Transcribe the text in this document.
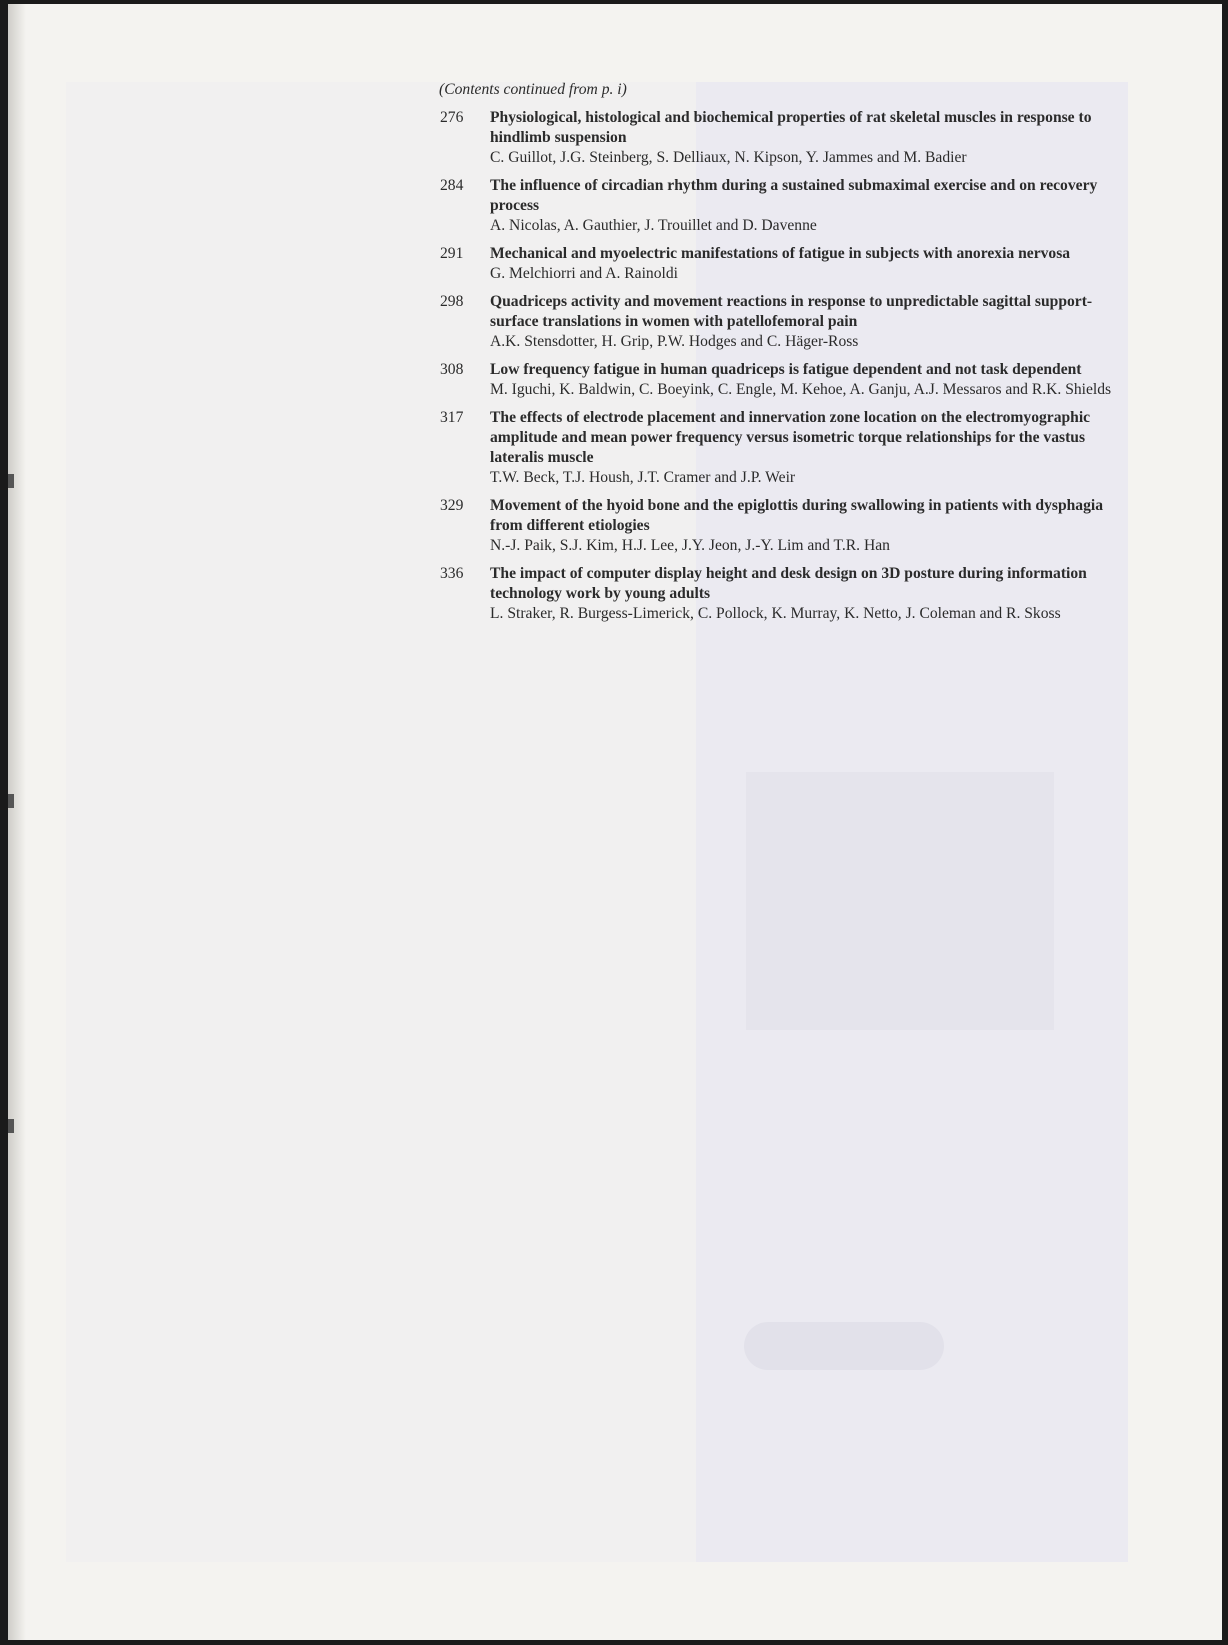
(Contents continued from p. i)
276	Physiological, histological and biochemical properties of rat skeletal muscles in response to hindlimb suspension
C. Guillot, J.G. Steinberg, S. Delliaux, N. Kipson, Y. Jammes and M. Badier
284	The influence of circadian rhythm during a sustained submaximal exercise and on recovery process
A. Nicolas, A. Gauthier, J. Trouillet and D. Davenne
291	Mechanical and myoelectric manifestations of fatigue in subjects with anorexia nervosa
G. Melchiorri and A. Rainoldi
298	Quadriceps activity and movement reactions in response to unpredictable sagittal support-surface translations in women with patellofemoral pain
A.K. Stensdotter, H. Grip, P.W. Hodges and C. Häger-Ross
308	Low frequency fatigue in human quadriceps is fatigue dependent and not task dependent
M. Iguchi, K. Baldwin, C. Boeyink, C. Engle, M. Kehoe, A. Ganju, A.J. Messaros and R.K. Shields
317	The effects of electrode placement and innervation zone location on the electromyographic amplitude and mean power frequency versus isometric torque relationships for the vastus lateralis muscle
T.W. Beck, T.J. Housh, J.T. Cramer and J.P. Weir
329	Movement of the hyoid bone and the epiglottis during swallowing in patients with dysphagia from different etiologies
N.-J. Paik, S.J. Kim, H.J. Lee, J.Y. Jeon, J.-Y. Lim and T.R. Han
336	The impact of computer display height and desk design on 3D posture during information technology work by young adults
L. Straker, R. Burgess-Limerick, C. Pollock, K. Murray, K. Netto, J. Coleman and R. Skoss
